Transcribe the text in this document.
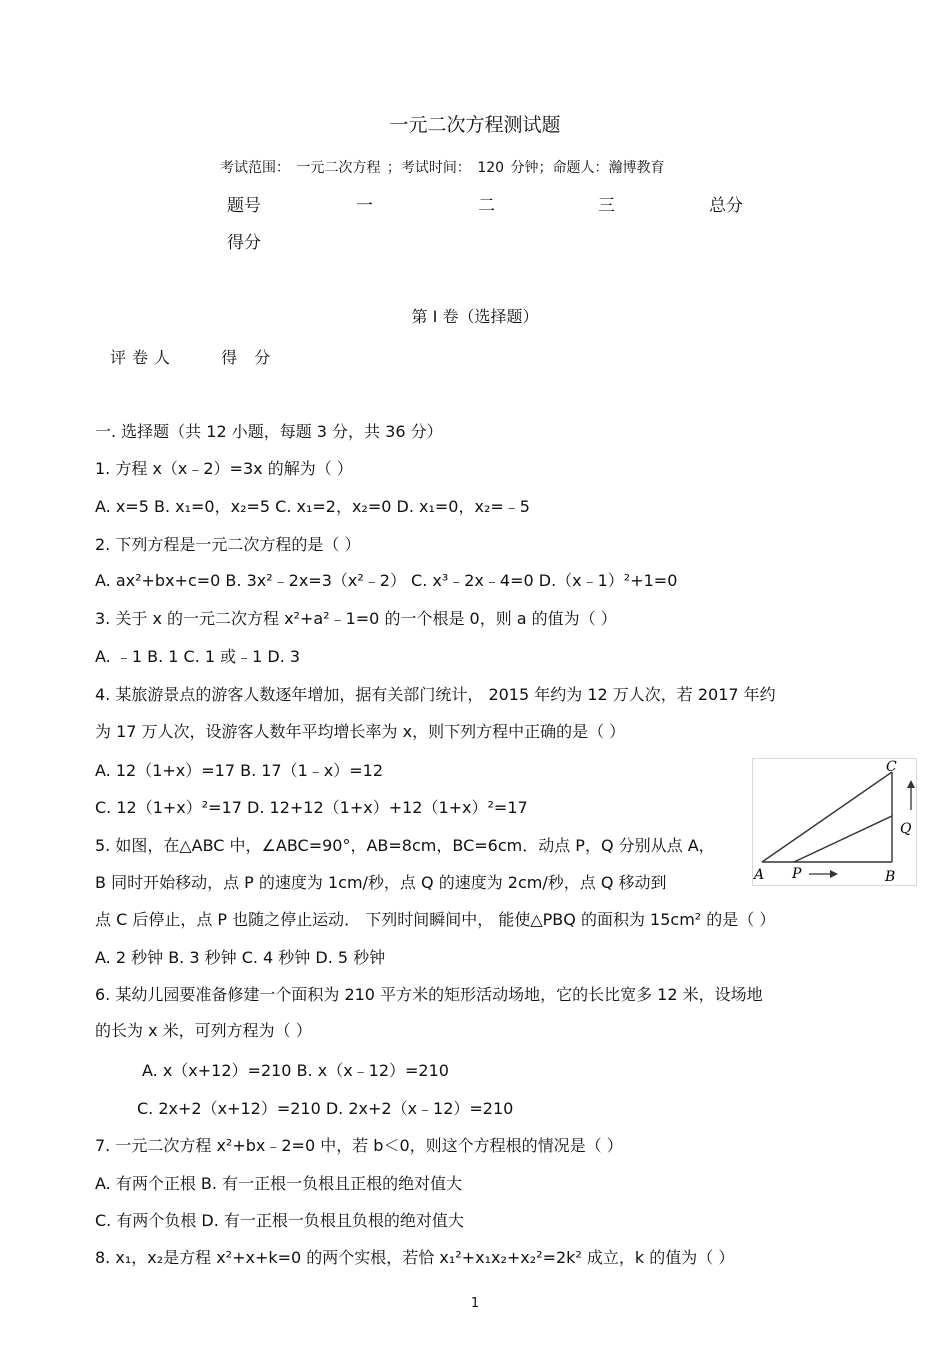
一元二次方程测试题
考试范围： 一元二次方程 ；考试时间： 120 分钟；命题人：瀚博教育
题号	一	二	三	总分
得分
第 I 卷（选择题）
评卷人	得 分
一. 选择题（共 12 小题，每题 3 分，共 36 分）
1. 方程 x（x﹣2）=3x 的解为（ ）
A. x=5 B. x₁=0，x₂=5 C. x₁=2，x₂=0 D. x₁=0，x₂=﹣5
2. 下列方程是一元二次方程的是（ ）
A. ax²+bx+c=0 B. 3x²﹣2x=3（x²﹣2） C. x³﹣2x﹣4=0 D.（x﹣1）²+1=0
3. 关于 x 的一元二次方程 x²+a²﹣1=0 的一个根是 0，则 a 的值为（ ）
A. ﹣1 B. 1 C. 1 或﹣1 D. 3
4. 某旅游景点的游客人数逐年增加，据有关部门统计， 2015 年约为 12 万人次，若 2017 年约
为 17 万人次，设游客人数年平均增长率为 x，则下列方程中正确的是（ ）
A. 12（1+x）=17 B. 17（1﹣x）=12
C. 12（1+x）²=17 D. 12+12（1+x）+12（1+x）²=17
5. 如图，在△ABC 中，∠ABC=90°，AB=8cm，BC=6cm．动点 P，Q 分别从点 A，
B 同时开始移动，点 P 的速度为 1cm/秒，点 Q 的速度为 2cm/秒，点 Q 移动到
点 C 后停止，点 P 也随之停止运动． 下列时间瞬间中， 能使△PBQ 的面积为 15cm² 的是（ ）
A. 2 秒钟 B. 3 秒钟 C. 4 秒钟 D. 5 秒钟
6. 某幼儿园要准备修建一个面积为 210 平方米的矩形活动场地，它的长比宽多 12 米，设场地
的长为 x 米，可列方程为（ ）
A. x（x+12）=210 B. x（x﹣12）=210
C. 2x+2（x+12）=210 D. 2x+2（x﹣12）=210
7. 一元二次方程 x²+bx﹣2=0 中，若 b＜0，则这个方程根的情况是（ ）
A. 有两个正根 B. 有一正根一负根且正根的绝对值大
C. 有两个负根 D. 有一正根一负根且负根的绝对值大
8. x₁，x₂是方程 x²+x+k=0 的两个实根，若恰 x₁²+x₁x₂+x₂²=2k² 成立，k 的值为（ ）
A P	B
C
Q
1
